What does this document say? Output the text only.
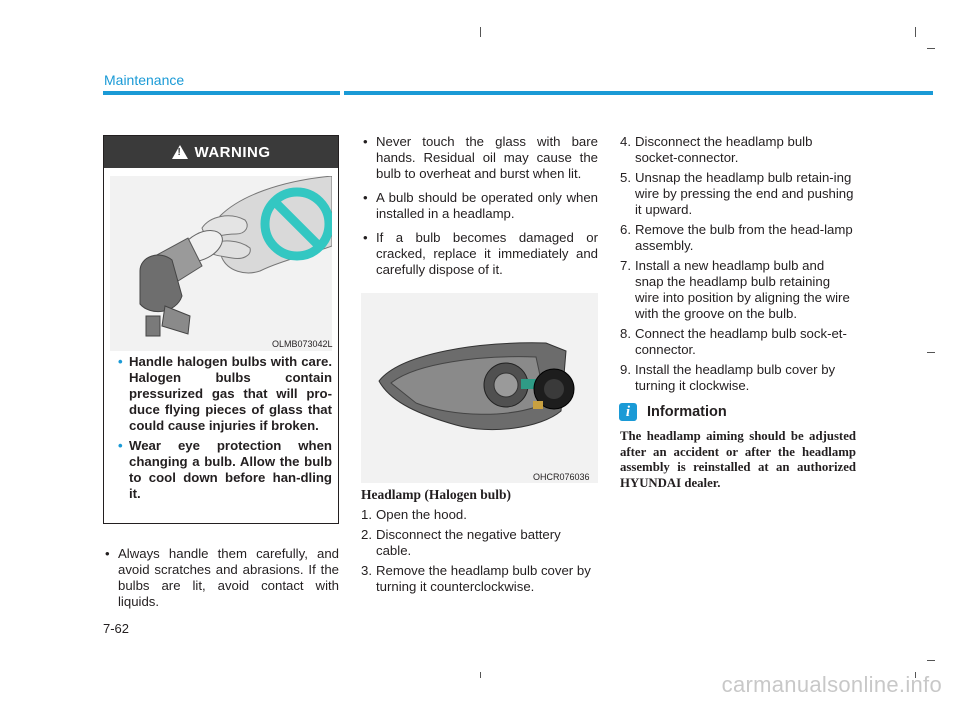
Maintenance
! WARNING
OLMB073042L
• Handle halogen bulbs with care. Halogen bulbs contain pressurized gas that will pro-duce flying pieces of glass that could cause injuries if broken.
• Wear eye protection when changing a bulb. Allow the bulb to cool down before han-dling it.
• Always handle them carefully, and avoid scratches and abrasions. If the bulbs are lit, avoid contact with liquids.
• Never touch the glass with bare hands. Residual oil may cause the bulb to overheat and burst when lit.
• A bulb should be operated only when installed in a headlamp.
• If a bulb becomes damaged or cracked, replace it immediately and carefully dispose of it.
OHCR076036
Headlamp (Halogen bulb)
1. Open the hood.
2. Disconnect the negative battery cable.
3. Remove the headlamp bulb cover by turning it counterclockwise.
4. Disconnect the headlamp bulb socket-connector.
5. Unsnap the headlamp bulb retain-ing wire by pressing the end and pushing it upward.
6. Remove the bulb from the head-lamp assembly.
7. Install a new headlamp bulb and snap the headlamp bulb retaining wire into position by aligning the wire with the groove on the bulb.
8. Connect the headlamp bulb sock-et-connector.
9. Install the headlamp bulb cover by turning it clockwise.
i	Information
The headlamp aiming should be adjusted after an accident or after the headlamp assembly is reinstalled at an authorized HYUNDAI dealer.
7-62
carmanualsonline.info
